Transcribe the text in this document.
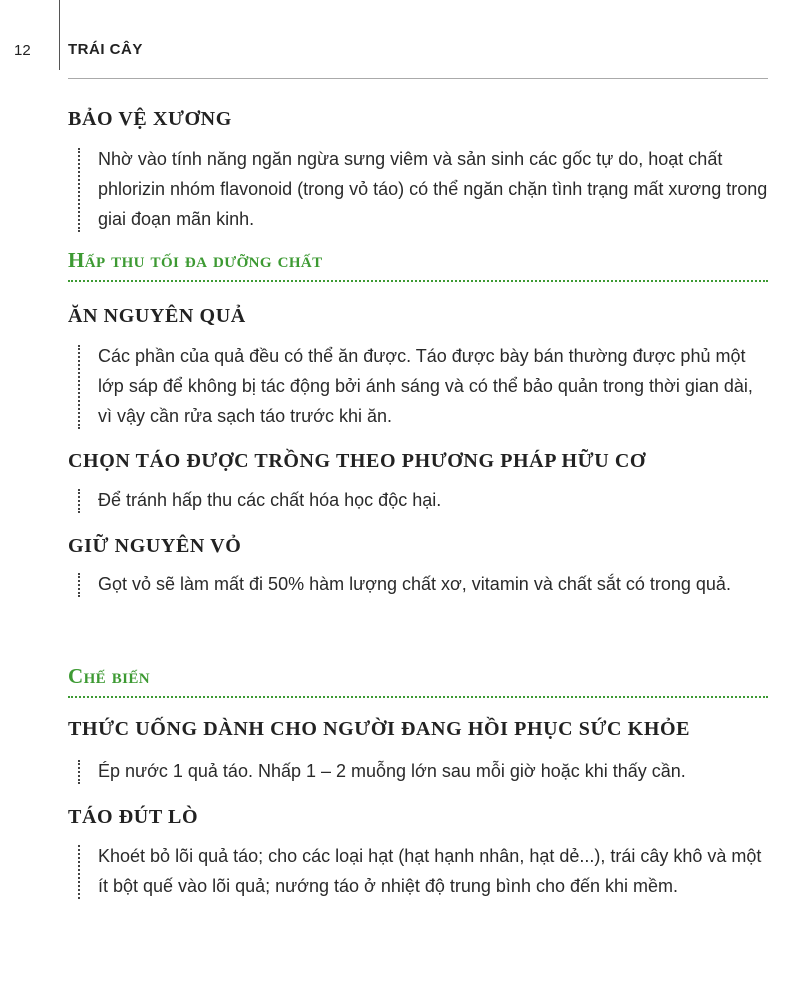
12 TRÁI CÂY
BẢO VỆ XƯƠNG

Nhờ vào tính năng ngăn ngừa sưng viêm và sản sinh các gốc tự do, hoạt chất phlorizin nhóm flavonoid (trong vỏ táo) có thể ngăn chặn tình trạng mất xương trong giai đoạn mãn kinh.

Hấp thu tối đa dưỡng chất
ĂN NGUYÊN QUẢ

Các phần của quả đều có thể ăn được. Táo được bày bán thường được phủ một lớp sáp để không bị tác động bởi ánh sáng và có thể bảo quản trong thời gian dài, vì vậy cần rửa sạch táo trước khi ăn.

CHỌN TÁO ĐƯỢC TRỒNG THEO PHƯƠNG PHÁP HỮU CƠ

Để tránh hấp thu các chất hóa học độc hại.

GIỮ NGUYÊN VỎ

Gọt vỏ sẽ làm mất đi 50% hàm lượng chất xơ, vitamin và chất sắt có trong quả.

Chế biến
THỨC UỐNG DÀNH CHO NGƯỜI ĐANG HỒI PHỤC SỨC KHỎE

Ép nước 1 quả táo. Nhấp 1 – 2 muỗng lớn sau mỗi giờ hoặc khi thấy cần.

TÁO ĐÚT LÒ

Khoét bỏ lõi quả táo; cho các loại hạt (hạt hạnh nhân, hạt dẻ...), trái cây khô và một ít bột quế vào lõi quả; nướng táo ở nhiệt độ trung bình cho đến khi mềm.
